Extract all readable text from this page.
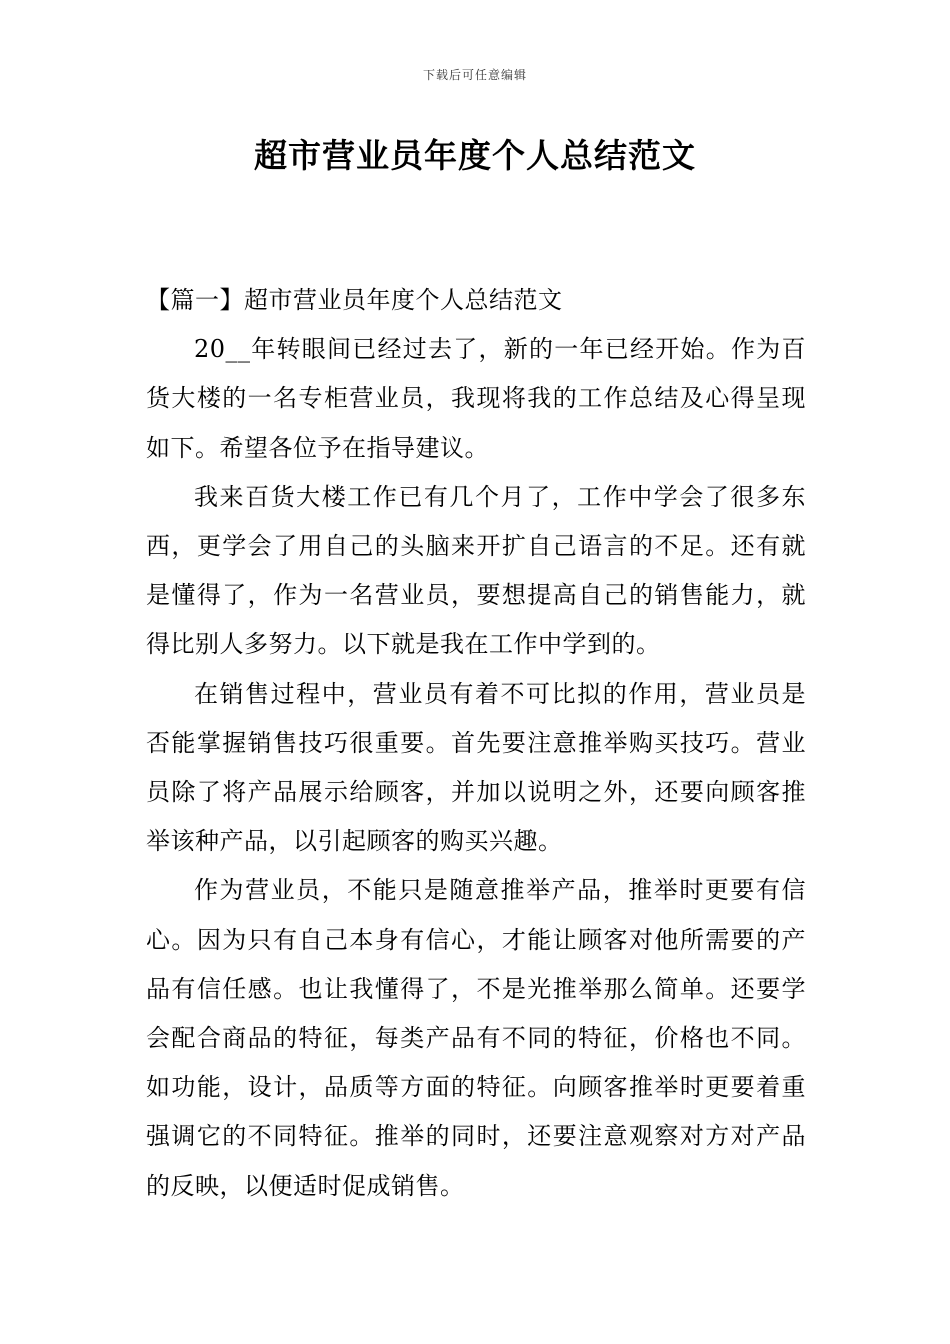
下载后可任意编辑
超市营业员年度个人总结范文

【篇一】超市营业员年度个人总结范文

20__年转眼间已经过去了，新的一年已经开始。作为百货大楼的一名专柜营业员，我现将我的工作总结及心得呈现如下。希望各位予在指导建议。

我来百货大楼工作已有几个月了，工作中学会了很多东西，更学会了用自己的头脑来开扩自己语言的不足。还有就是懂得了，作为一名营业员，要想提高自己的销售能力，就得比别人多努力。以下就是我在工作中学到的。

在销售过程中，营业员有着不可比拟的作用，营业员是否能掌握销售技巧很重要。首先要注意推举购买技巧。营业员除了将产品展示给顾客，并加以说明之外，还要向顾客推举该种产品，以引起顾客的购买兴趣。

作为营业员，不能只是随意推举产品，推举时更要有信心。因为只有自己本身有信心，才能让顾客对他所需要的产品有信任感。也让我懂得了，不是光推举那么简单。还要学会配合商品的特征，每类产品有不同的特征，价格也不同。如功能，设计，品质等方面的特征。向顾客推举时更要着重强调它的不同特征。推举的同时，还要注意观察对方对产品的反映，以便适时促成销售。
